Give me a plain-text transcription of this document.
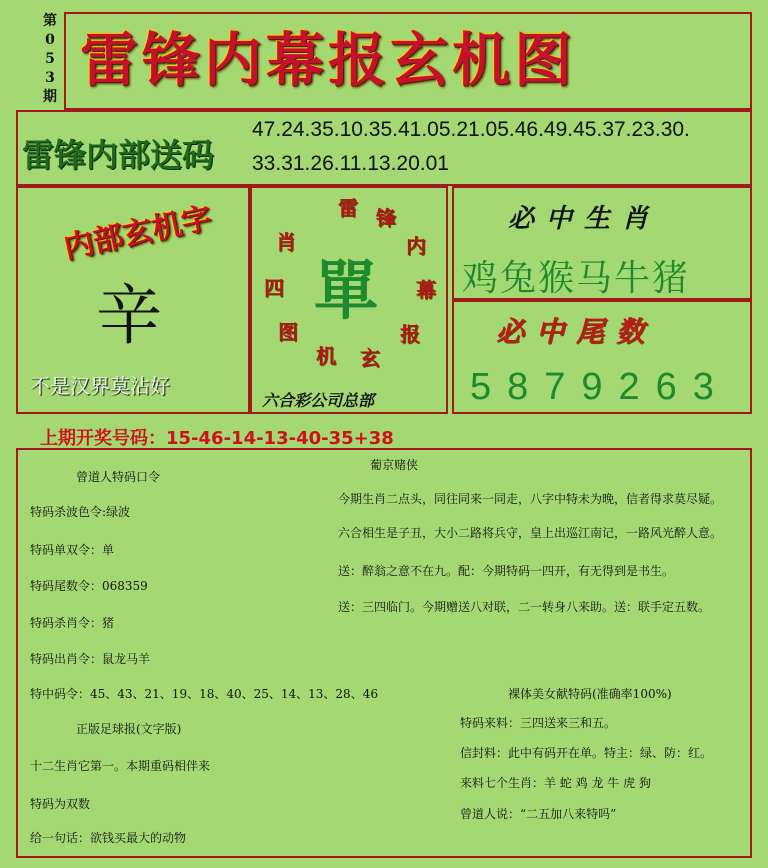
第
0
5
3
期
雷锋内幕报玄机图
雷锋内部送码
47.24.35.10.35.41.05.21.05.46.49.45.37.23.30.
33.31.26.11.13.20.01
内部玄机字
辛
不是汉界莫沾好
雷 锋
内
幕
报
玄
机
图
四
肖
單
六合彩公司总部
必中生肖
鸡兔猴马牛猪
必中尾数
5879263
上期开奖号码：15-46-14-13-40-35+38
曾道人特码口令
特码杀波色令:绿波
特码单双令：单
特码尾数令：068359
特码杀肖令：猪
特码出肖令：鼠龙马羊
特中码令：45、43、21、19、18、40、25、14、13、28、46
正版足球报(文字版)
十二生肖它第一。本期重码相伴来
特码为双数
给一句话：欲钱买最大的动物
葡京赌侠
今期生肖二点头，同往同来一同走，八字中特未为晚，信者得求莫尽疑。
六合相生是子丑，大小二路将兵守，皇上出巡江南记，一路风光醉人意。
送：醉翁之意不在九。配：今期特码一四开，有无得到是书生。
送：三四临门。今期赠送八对联，二一转身八来助。送：联手定五数。
裸体美女献特码(准确率100%)
特码来料：三四送来三和五。
信封料：此中有码开在单。特主：绿、防：红。
来料七个生肖：羊 蛇 鸡 龙 牛 虎 狗
曾道人说：“二五加八来特吗”
